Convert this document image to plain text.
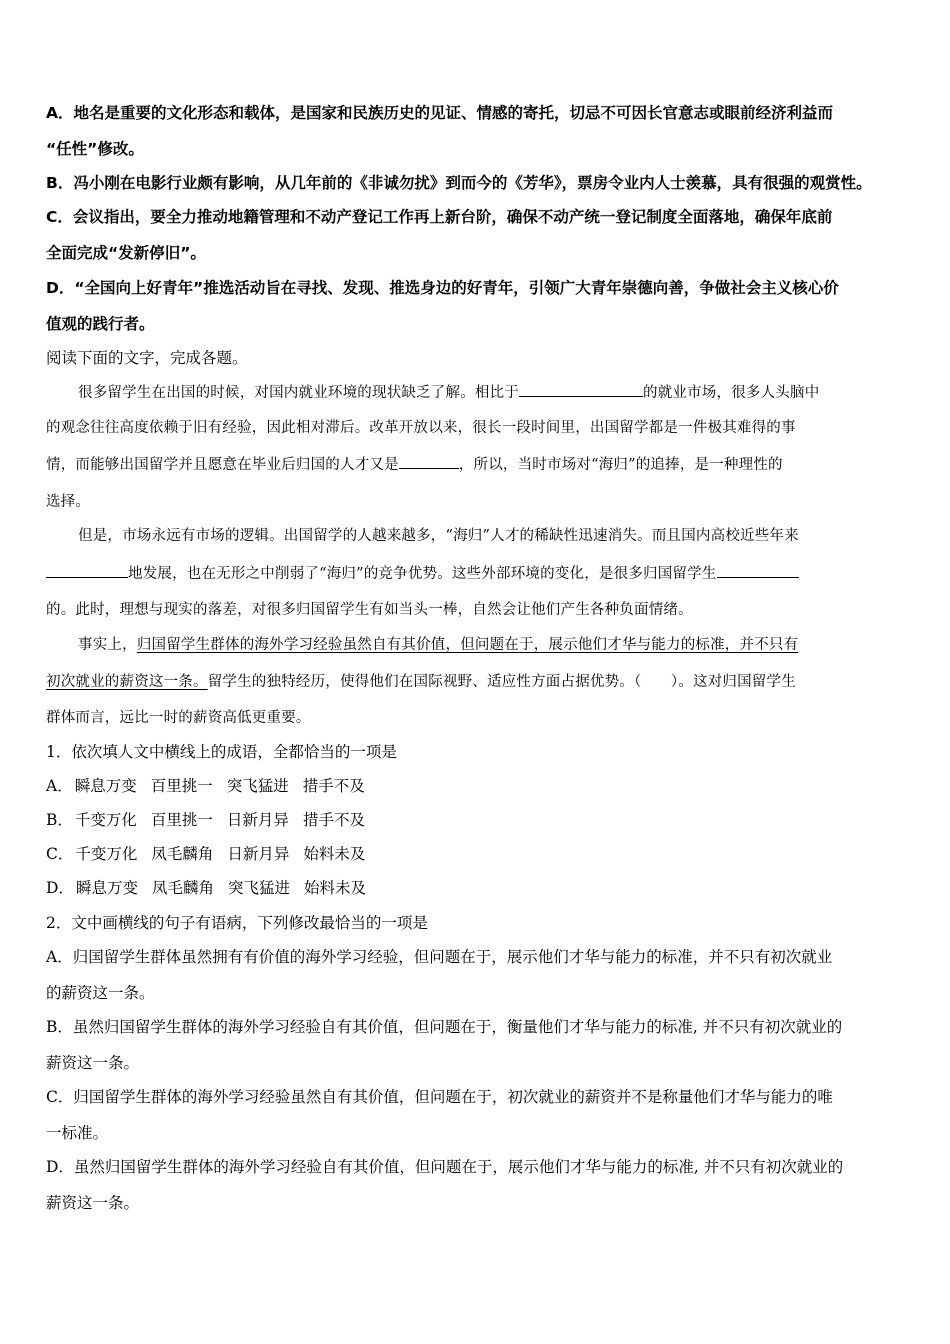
A．地名是重要的文化形态和载体，是国家和民族历史的见证、情感的寄托，切忌不可因长官意志或眼前经济利益而
“任性”修改。
B．冯小刚在电影行业颇有影响，从几年前的《非诚勿扰》到而今的《芳华》，票房令业内人士羡慕，具有很强的观赏性。
C．会议指出，要全力推动地籍管理和不动产登记工作再上新台阶，确保不动产统一登记制度全面落地，确保年底前
全面完成“发新停旧”。
D．“全国向上好青年”推选活动旨在寻找、发现、推选身边的好青年，引领广大青年崇德向善，争做社会主义核心价
值观的践行者。
阅读下面的文字，完成各题。
很多留学生在出国的时候，对国内就业环境的现状缺乏了解。相比于	的就业市场，很多人头脑中
的观念往往高度依赖于旧有经验，因此相对滞后。改革开放以来，很长一段时间里，出国留学都是一件极其难得的事
情，而能够出国留学并且愿意在毕业后归国的人才又是	，所以，当时市场对“海归”的追捧，是一种理性的
选择。
但是，市场永远有市场的逻辑。出国留学的人越来越多，“海归”人才的稀缺性迅速消失。而且国内高校近些年来
地发展，也在无形之中削弱了“海归”的竞争优势。这些外部环境的变化，是很多归国留学生
的。此时，理想与现实的落差，对很多归国留学生有如当头一棒，自然会让他们产生各种负面情绪。
事实上，归国留学生群体的海外学习经验虽然自有其价值，但问题在于，展示他们才华与能力的标准，并不只有
初次就业的薪资这一条。留学生的独特经历，使得他们在国际视野、适应性方面占据优势。（　　）。这对归国留学生
群体而言，远比一时的薪资高低更重要。
1．依次填人文中横线上的成语，全都恰当的一项是
A． 瞬息万变 百里挑一 突飞猛进 措手不及
B． 千变万化 百里挑一 日新月异 措手不及
C． 千变万化 凤毛麟角 日新月异 始料未及
D． 瞬息万变 凤毛麟角 突飞猛进 始料未及
2．文中画横线的句子有语病，下列修改最恰当的一项是
A．归国留学生群体虽然拥有有价值的海外学习经验，但问题在于，展示他们才华与能力的标准，并不只有初次就业
的薪资这一条。
B．虽然归国留学生群体的海外学习经验自有其价值，但问题在于，衡量他们才华与能力的标准, 并不只有初次就业的
薪资这一条。
C．归国留学生群体的海外学习经验虽然自有其价值，但问题在于，初次就业的薪资并不是称量他们才华与能力的唯
一标准。
D．虽然归国留学生群体的海外学习经验自有其价值，但问题在于，展示他们才华与能力的标准, 并不只有初次就业的
薪资这一条。
